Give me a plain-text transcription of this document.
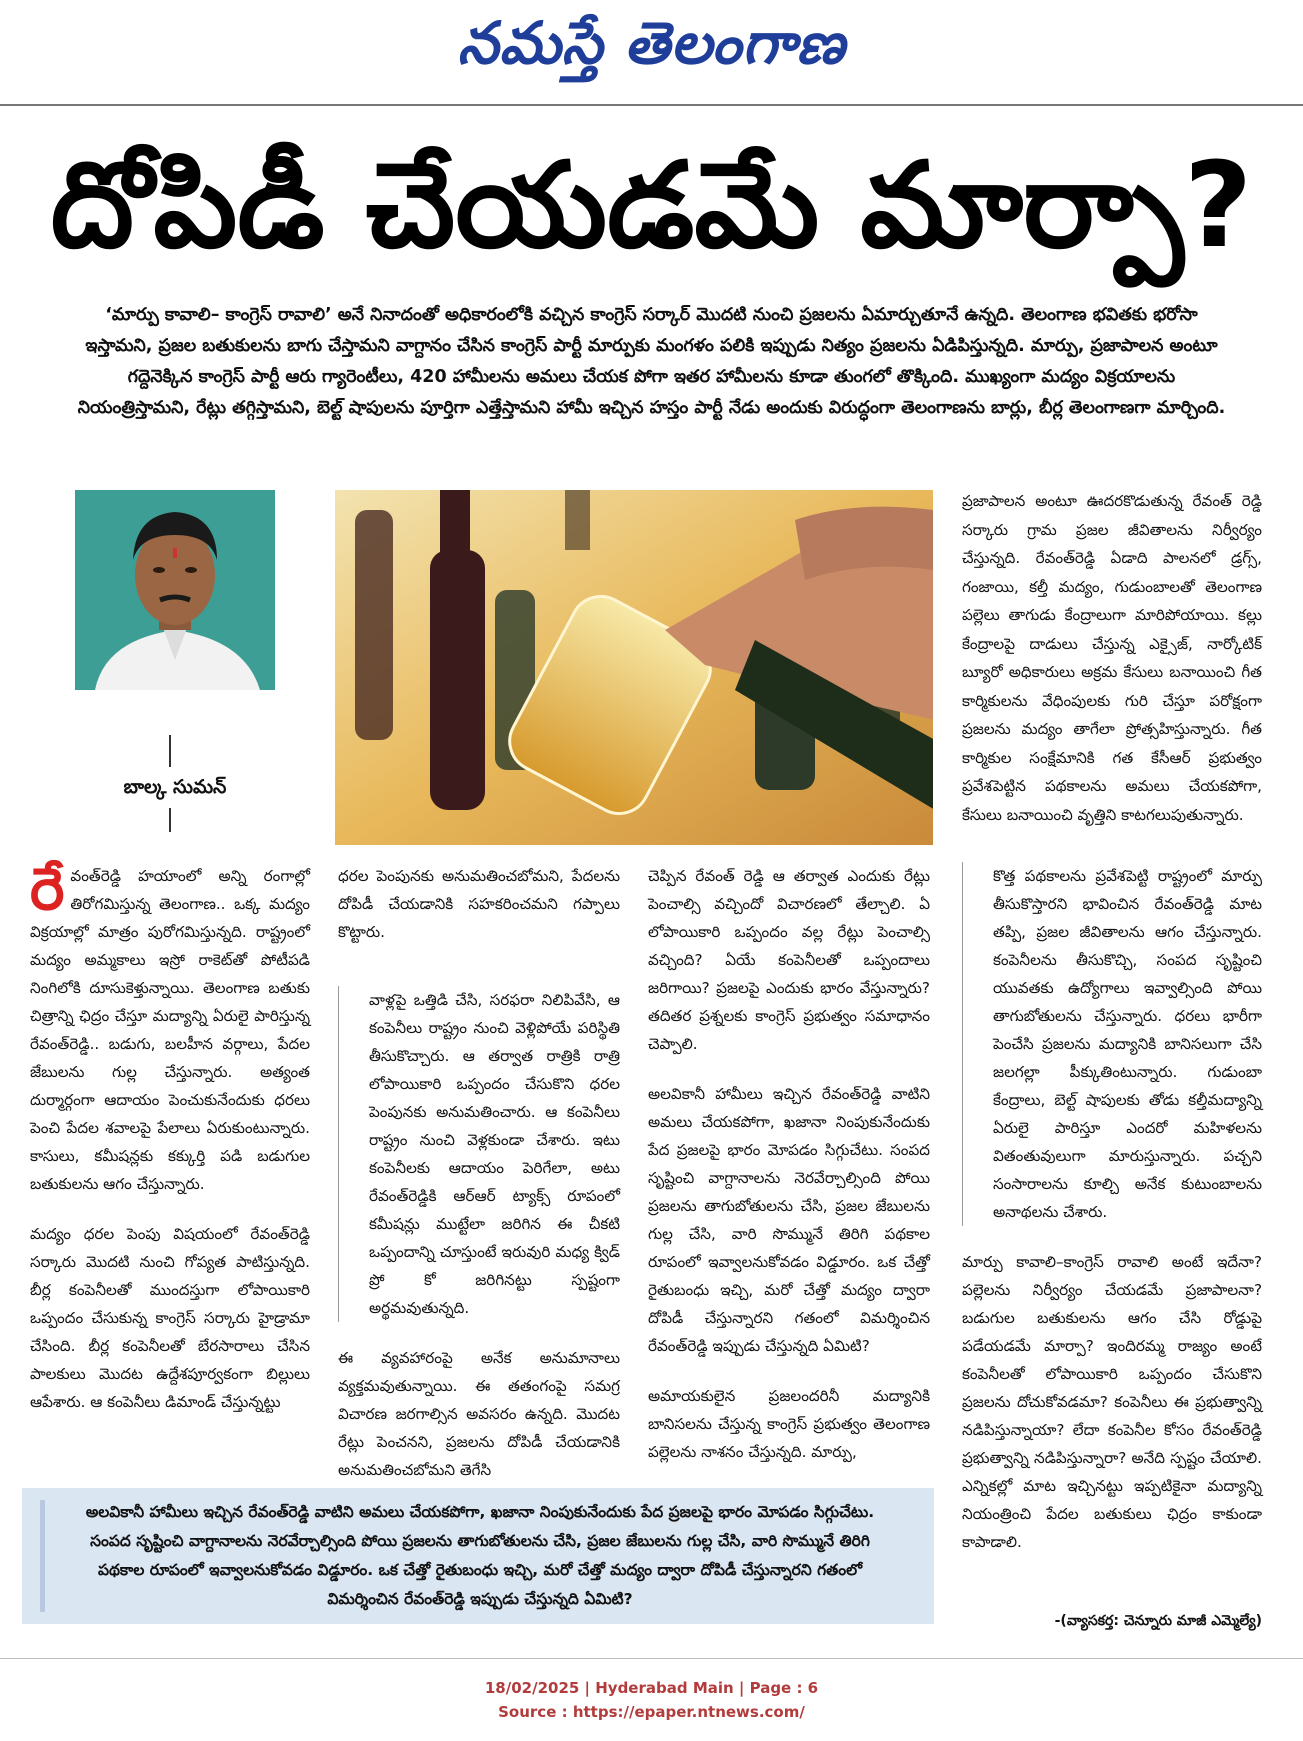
నమస్తే తెలంగాణ
దోపిడీ చేయడమే మార్పా?
‘మార్పు కావాలి– కాంగ్రెస్ రావాలి’ అనే నినాదంతో అధికారంలోకి వచ్చిన కాంగ్రెస్ సర్కార్ మొదటి నుంచి ప్రజలను ఏమార్చుతూనే ఉన్నది. తెలంగాణ భవితకు భరోసా ఇస్తామని, ప్రజల బతుకులను బాగు చేస్తామని వాగ్దానం చేసిన కాంగ్రెస్ పార్టీ మార్పుకు మంగళం పలికి ఇప్పుడు నిత్యం ప్రజలను ఏడిపిస్తున్నది. మార్పు, ప్రజాపాలన అంటూ గద్దెనెక్కిన కాంగ్రెస్ పార్టీ ఆరు గ్యారెంటీలు, 420 హామీలను అమలు చేయక పోగా ఇతర హామీలను కూడా తుంగలో తొక్కింది. ముఖ్యంగా మద్యం విక్రయాలను నియంత్రిస్తామని, రేట్లు తగ్గిస్తామని, బెల్ట్ షాపులను పూర్తిగా ఎత్తేస్తామని హామీ ఇచ్చిన హస్తం పార్టీ నేడు అందుకు విరుద్ధంగా తెలంగాణను బార్లు, బీర్ల తెలంగాణగా మార్చింది.
బాల్క సుమన్

రేవంత్‌రెడ్డి హయాంలో అన్ని రంగాల్లో తిరోగమిస్తున్న తెలంగాణ.. ఒక్క మద్యం విక్రయాల్లో మాత్రం పురోగమిస్తున్నది. రాష్ట్రంలో మద్యం అమ్మకాలు ఇస్రో రాకెట్‌తో పోటీపడి నింగిలోకి దూసుకెళ్తున్నాయి. తెలంగాణ బతుకు చిత్రాన్ని ఛిద్రం చేస్తూ మద్యాన్ని ఏరులై పారిస్తున్న రేవంత్‌రెడ్డి.. బడుగు, బలహీన వర్గాలు, పేదల జేబులను గుల్ల చేస్తున్నారు. అత్యంత దుర్మార్గంగా ఆదాయం పెంచుకునేందుకు ధరలు పెంచి పేదల శవాలపై పేలాలు ఏరుకుంటున్నారు. కాసులు, కమీషన్లకు కక్కుర్తి పడి బడుగుల బతుకులను ఆగం చేస్తున్నారు.

మద్యం ధరల పెంపు విషయంలో రేవంత్‌రెడ్డి సర్కారు మొదటి నుంచి గోప్యత పాటిస్తున్నది. బీర్ల కంపెనీలతో ముందస్తుగా లోపాయికారి ఒప్పందం చేసుకున్న కాంగ్రెస్ సర్కారు హైడ్రామా చేసింది. బీర్ల కంపెనీలతో బేరసారాలు చేసిన పాలకులు మొదట ఉద్దేశపూర్వకంగా బిల్లులు ఆపేశారు. ఆ కంపెనీలు డిమాండ్ చేస్తున్నట్టు

ధరల పెంపునకు అనుమతించబోమని, పేదలను దోపిడీ చేయడానికి సహకరించమని గప్పాలు కొట్టారు.

వాళ్లపై ఒత్తిడి చేసి, సరఫరా నిలిపివేసి, ఆ కంపెనీలు రాష్ట్రం నుంచి వెళ్లిపోయే పరిస్థితి తీసుకొచ్చారు. ఆ తర్వాత రాత్రికి రాత్రి లోపాయికారి ఒప్పందం చేసుకొని ధరల పెంపునకు అనుమతించారు. ఆ కంపెనీలు రాష్ట్రం నుంచి వెళ్లకుండా చేశారు. ఇటు కంపెనీలకు ఆదాయం పెరిగేలా, అటు రేవంత్‌రెడ్డికి ఆర్‌ఆర్ ట్యాక్స్ రూపంలో కమీషన్లు ముట్టేలా జరిగిన ఈ చీకటి ఒప్పందాన్ని చూస్తుంటే ఇరువురి మధ్య క్విడ్ ప్రో కో జరిగినట్టు స్పష్టంగా అర్థమవుతున్నది.

ఈ వ్యవహారంపై అనేక అనుమానాలు వ్యక్తమవుతున్నాయి. ఈ తతంగంపై సమగ్ర విచారణ జరగాల్సిన అవసరం ఉన్నది. మొదట రేట్లు పెంచనని, ప్రజలను దోపిడీ చేయడానికి అనుమతించబోమని తెగేసి

చెప్పిన రేవంత్ రెడ్డి ఆ తర్వాత ఎందుకు రేట్లు పెంచాల్సి వచ్చిందో విచారణలో తేల్చాలి. ఏ లోపాయికారి ఒప్పందం వల్ల రేట్లు పెంచాల్సి వచ్చింది? ఏయే కంపెనీలతో ఒప్పందాలు జరిగాయి? ప్రజలపై ఎందుకు భారం వేస్తున్నారు? తదితర ప్రశ్నలకు కాంగ్రెస్ ప్రభుత్వం సమాధానం చెప్పాలి.

అలవికానీ హామీలు ఇచ్చిన రేవంత్‌రెడ్డి వాటిని అమలు చేయకపోగా, ఖజానా నింపుకునేందుకు పేద ప్రజలపై భారం మోపడం సిగ్గుచేటు. సంపద సృష్టించి వాగ్దానాలను నెరవేర్చాల్సింది పోయి ప్రజలను తాగుబోతులను చేసి, ప్రజల జేబులను గుల్ల చేసి, వారి సొమ్మునే తిరిగి పథకాల రూపంలో ఇవ్వాలనుకోవడం విడ్డూరం. ఒక చేత్తో రైతుబంధు ఇచ్చి, మరో చేత్తో మద్యం ద్వారా దోపిడీ చేస్తున్నారని గతంలో విమర్శించిన రేవంత్‌రెడ్డి ఇప్పుడు చేస్తున్నది ఏమిటి?

అమాయకులైన ప్రజలందరినీ మద్యానికి బానిసలను చేస్తున్న కాంగ్రెస్ ప్రభుత్వం తెలంగాణ పల్లెలను నాశనం చేస్తున్నది. మార్పు,

ప్రజాపాలన అంటూ ఊదరకొడుతున్న రేవంత్ రెడ్డి సర్కారు గ్రామ ప్రజల జీవితాలను నిర్వీర్యం చేస్తున్నది. రేవంత్‌రెడ్డి ఏడాది పాలనలో డ్రగ్స్, గంజాయి, కల్తీ మద్యం, గుడుంబాలతో తెలంగాణ పల్లెలు తాగుడు కేంద్రాలుగా మారిపోయాయి. కల్లు కేంద్రాలపై దాడులు చేస్తున్న ఎక్సైజ్, నార్కోటిక్ బ్యూరో అధికారులు అక్రమ కేసులు బనాయించి గీత కార్మికులను వేధింపులకు గురి చేస్తూ పరోక్షంగా ప్రజలను మద్యం తాగేలా ప్రోత్సహిస్తున్నారు. గీత కార్మికుల సంక్షేమానికి గత కేసీఆర్ ప్రభుత్వం ప్రవేశపెట్టిన పథకాలను అమలు చేయకపోగా, కేసులు బనాయించి వృత్తిని కాటగలుపుతున్నారు.

కొత్త పథకాలను ప్రవేశపెట్టి రాష్ట్రంలో మార్పు తీసుకొస్తారని భావించిన రేవంత్‌రెడ్డి మాట తప్పి, ప్రజల జీవితాలను ఆగం చేస్తున్నారు. కంపెనీలను తీసుకొచ్చి, సంపద సృష్టించి యువతకు ఉద్యోగాలు ఇవ్వాల్సింది పోయి తాగుబోతులను చేస్తున్నారు. ధరలు భారీగా పెంచేసి ప్రజలను మద్యానికి బానిసలుగా చేసి జలగల్లా పీక్కుతింటున్నారు. గుడుంబా కేంద్రాలు, బెల్ట్ షాపులకు తోడు కల్తీమద్యాన్ని ఏరులై పారిస్తూ ఎందరో మహిళలను వితంతువులుగా మారుస్తున్నారు. పచ్చని సంసారాలను కూల్చి అనేక కుటుంబాలను అనాథలను చేశారు.

మార్పు కావాలి–కాంగ్రెస్ రావాలి అంటే ఇదేనా? పల్లెలను నిర్వీర్యం చేయడమే ప్రజాపాలనా? బడుగుల బతుకులను ఆగం చేసి రోడ్డుపై పడేయడమే మార్పా? ఇందిరమ్మ రాజ్యం అంటే కంపెనీలతో లోపాయికారి ఒప్పందం చేసుకొని ప్రజలను దోచుకోవడమా? కంపెనీలు ఈ ప్రభుత్వాన్ని నడిపిస్తున్నాయా? లేదా కంపెనీల కోసం రేవంత్‌రెడ్డి ప్రభుత్వాన్ని నడిపిస్తున్నారా? అనేది స్పష్టం చేయాలి. ఎన్నికల్లో మాట ఇచ్చినట్టు ఇప్పటికైనా మద్యాన్ని నియంత్రించి పేదల బతుకులు ఛిద్రం కాకుండా కాపాడాలి.

-(వ్యాసకర్త: చెన్నూరు మాజీ ఎమ్మెల్యే)
అలవికానీ హామీలు ఇచ్చిన రేవంత్‌రెడ్డి వాటిని అమలు చేయకపోగా, ఖజానా నింపుకునేందుకు పేద ప్రజలపై భారం మోపడం సిగ్గుచేటు. సంపద సృష్టించి వాగ్దానాలను నెరవేర్చాల్సింది పోయి ప్రజలను తాగుబోతులను చేసి, ప్రజల జేబులను గుల్ల చేసి, వారి సొమ్మునే తిరిగి పథకాల రూపంలో ఇవ్వాలనుకోవడం విడ్డూరం. ఒక చేత్తో రైతుబంధు ఇచ్చి, మరో చేత్తో మద్యం ద్వారా దోపిడీ చేస్తున్నారని గతంలో విమర్శించిన రేవంత్‌రెడ్డి ఇప్పుడు చేస్తున్నది ఏమిటి?
18/02/2025 | Hyderabad Main | Page : 6
Source : https://epaper.ntnews.com/
